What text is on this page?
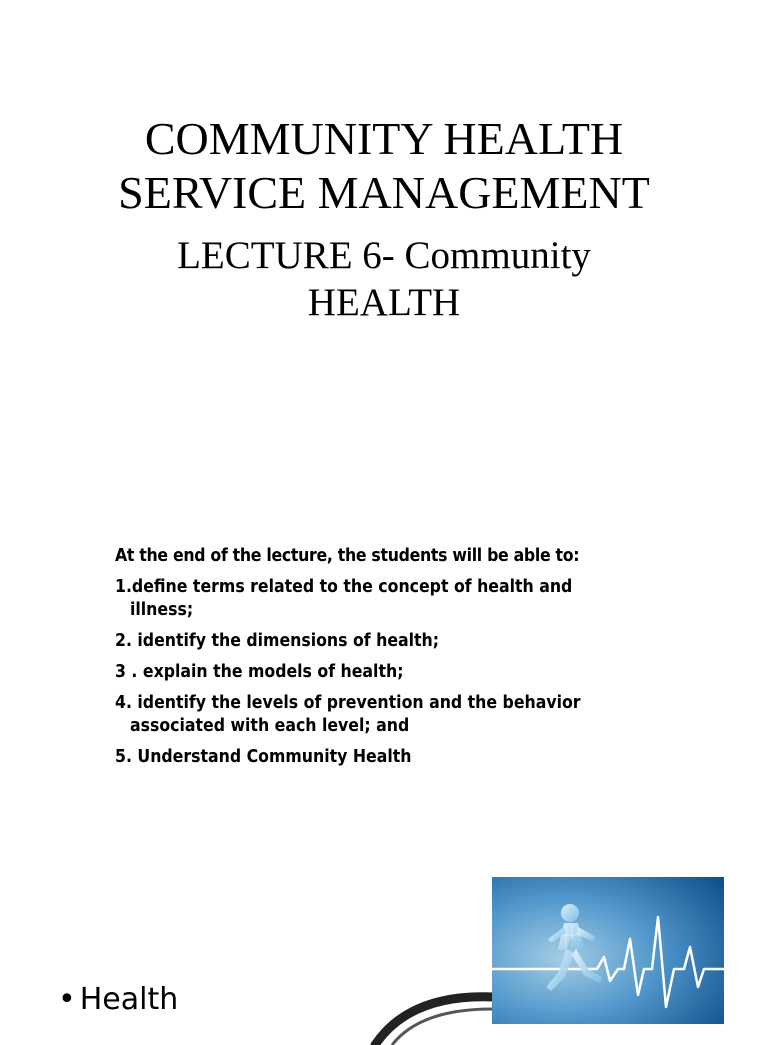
COMMUNITY HEALTH
SERVICE MANAGEMENT
LECTURE 6- Community
HEALTH

At the end of the lecture, the students will be able to:

1.define terms related to the concept of health and
illness;

2. identify the dimensions of health;

3 . explain the models of health;

4. identify the levels of prevention and the behavior
associated with each level; and

5. Understand Community Health

• Health
